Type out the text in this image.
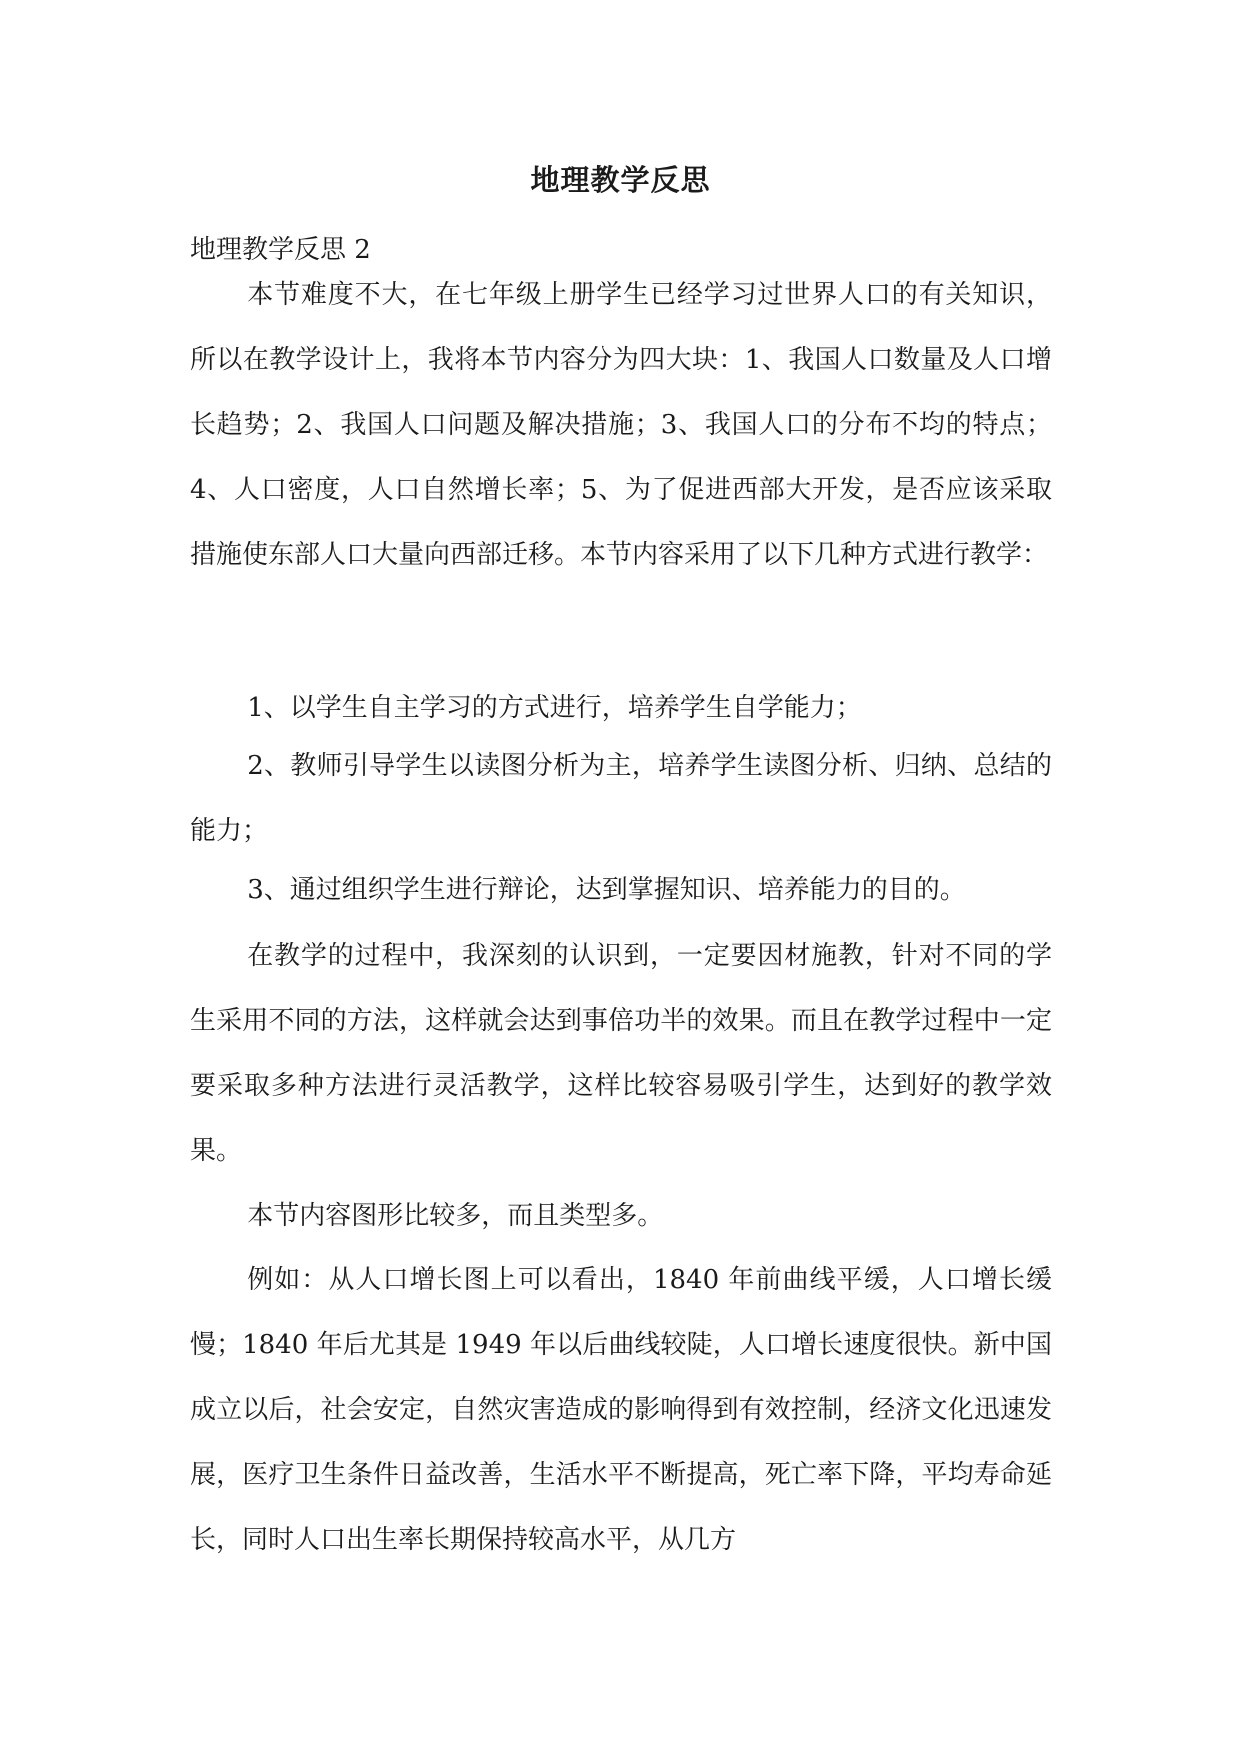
地理教学反思
地理教学反思 2

本节难度不大，在七年级上册学生已经学习过世界人口的有关知识，所以在教学设计上，我将本节内容分为四大块：1、我国人口数量及人口增长趋势；2、我国人口问题及解决措施；3、我国人口的分布不均的特点；4、人口密度，人口自然增长率；5、为了促进西部大开发，是否应该采取措施使东部人口大量向西部迁移。本节内容采用了以下几种方式进行教学：

1、以学生自主学习的方式进行，培养学生自学能力；

2、教师引导学生以读图分析为主，培养学生读图分析、归纳、总结的能力；

3、通过组织学生进行辩论，达到掌握知识、培养能力的目的。

在教学的过程中，我深刻的认识到，一定要因材施教，针对不同的学生采用不同的方法，这样就会达到事倍功半的效果。而且在教学过程中一定要采取多种方法进行灵活教学，这样比较容易吸引学生，达到好的教学效果。

本节内容图形比较多，而且类型多。

例如：从人口增长图上可以看出，1840 年前曲线平缓，人口增长缓慢；1840 年后尤其是 1949 年以后曲线较陡，人口增长速度很快。新中国成立以后，社会安定，自然灾害造成的影响得到有效控制，经济文化迅速发展，医疗卫生条件日益改善，生活水平不断提高，死亡率下降，平均寿命延长，同时人口出生率长期保持较高水平，从几方
